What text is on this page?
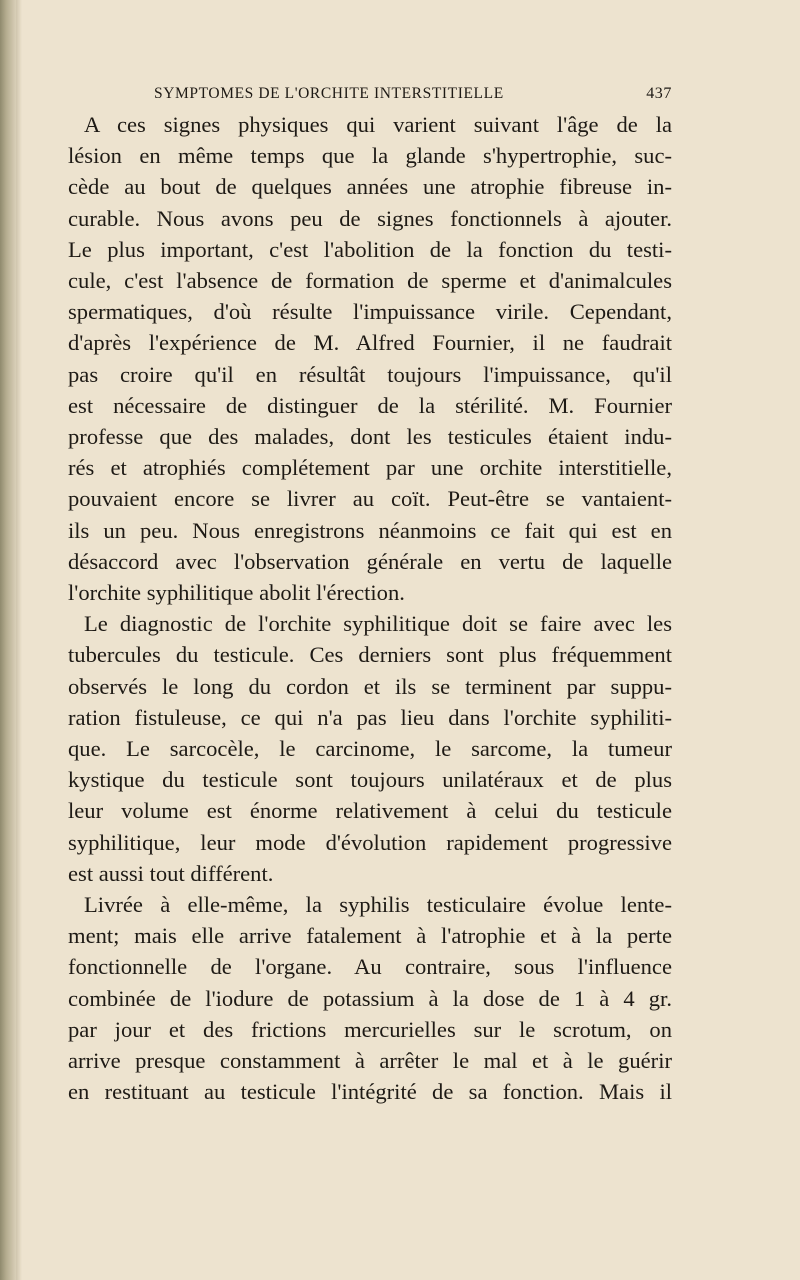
SYMPTOMES DE L'ORCHITE INTERSTITIELLE	437
A ces signes physiques qui varient suivant l'âge de la
lésion en même temps que la glande s'hypertrophie, suc-
cède au bout de quelques années une atrophie fibreuse in-
curable. Nous avons peu de signes fonctionnels à ajouter.
Le plus important, c'est l'abolition de la fonction du testi-
cule, c'est l'absence de formation de sperme et d'animalcules
spermatiques, d'où résulte l'impuissance virile. Cependant,
d'après l'expérience de M. Alfred Fournier, il ne faudrait
pas croire qu'il en résultât toujours l'impuissance, qu'il
est nécessaire de distinguer de la stérilité. M. Fournier
professe que des malades, dont les testicules étaient indu-
rés et atrophiés complétement par une orchite interstitielle,
pouvaient encore se livrer au coït. Peut-être se vantaient-
ils un peu. Nous enregistrons néanmoins ce fait qui est en
désaccord avec l'observation générale en vertu de laquelle
l'orchite syphilitique abolit l'érection.
Le diagnostic de l'orchite syphilitique doit se faire avec les
tubercules du testicule. Ces derniers sont plus fréquemment
observés le long du cordon et ils se terminent par suppu-
ration fistuleuse, ce qui n'a pas lieu dans l'orchite syphiliti-
que. Le sarcocèle, le carcinome, le sarcome, la tumeur
kystique du testicule sont toujours unilatéraux et de plus
leur volume est énorme relativement à celui du testicule
syphilitique, leur mode d'évolution rapidement progressive
est aussi tout différent.
Livrée à elle-même, la syphilis testiculaire évolue lente-
ment; mais elle arrive fatalement à l'atrophie et à la perte
fonctionnelle de l'organe. Au contraire, sous l'influence
combinée de l'iodure de potassium à la dose de 1 à 4 gr.
par jour et des frictions mercurielles sur le scrotum, on
arrive presque constamment à arrêter le mal et à le guérir
en restituant au testicule l'intégrité de sa fonction. Mais il
